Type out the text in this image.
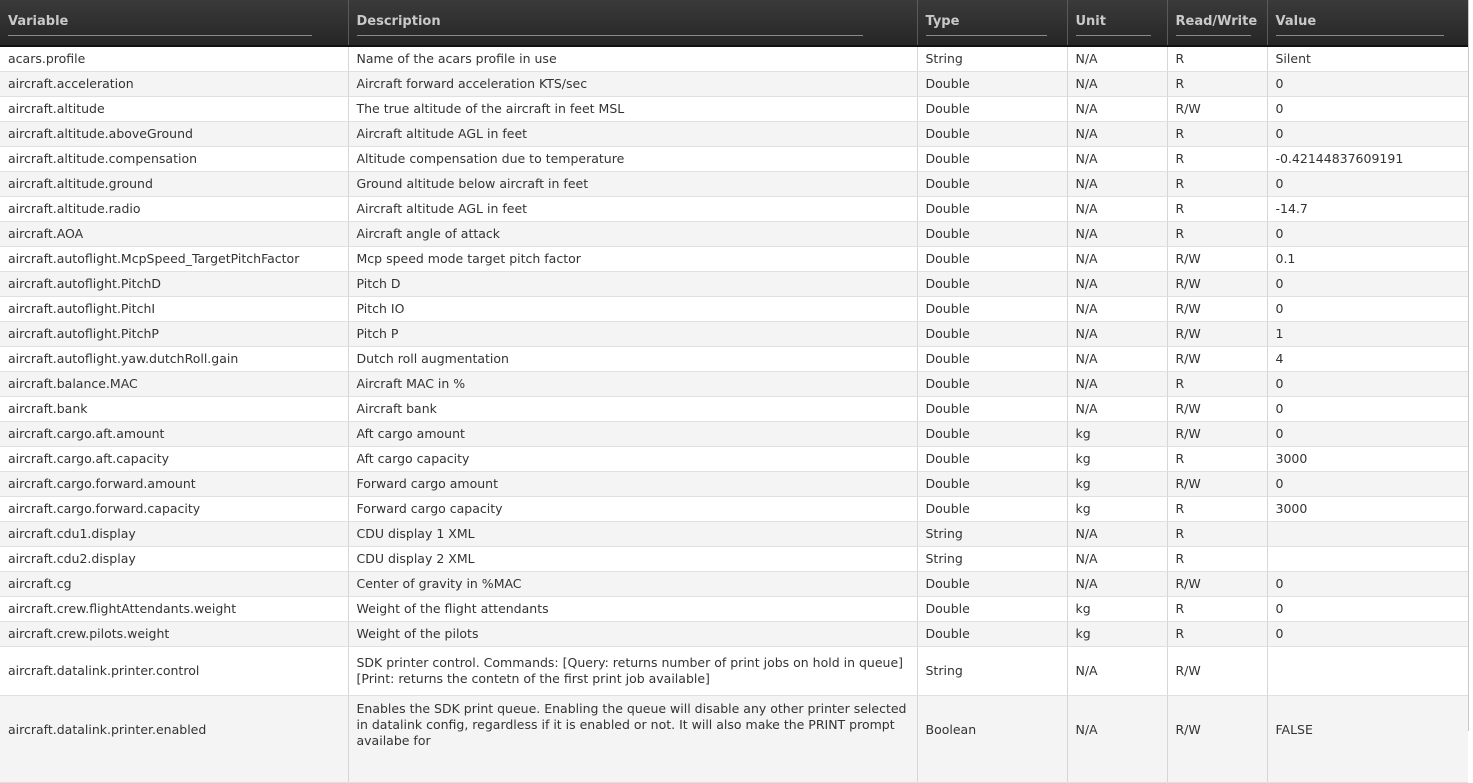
Variable	Description	Type	Unit	Read/Write	Value

acars.profile	Name of the acars profile in use	String	N/A	R	Silent
aircraft.acceleration	Aircraft forward acceleration KTS/sec	Double	N/A	R	0
aircraft.altitude	The true altitude of the aircraft in feet MSL	Double	N/A	R/W	0
aircraft.altitude.aboveGround	Aircraft altitude AGL in feet	Double	N/A	R	0
aircraft.altitude.compensation	Altitude compensation due to temperature	Double	N/A	R	-0.42144837609191
aircraft.altitude.ground	Ground altitude below aircraft in feet	Double	N/A	R	0
aircraft.altitude.radio	Aircraft altitude AGL in feet	Double	N/A	R	-14.7
aircraft.AOA	Aircraft angle of attack	Double	N/A	R	0
aircraft.autoflight.McpSpeed_TargetPitchFactor	Mcp speed mode target pitch factor	Double	N/A	R/W	0.1
aircraft.autoflight.PitchD	Pitch D	Double	N/A	R/W	0
aircraft.autoflight.PitchI	Pitch IO	Double	N/A	R/W	0
aircraft.autoflight.PitchP	Pitch P	Double	N/A	R/W	1
aircraft.autoflight.yaw.dutchRoll.gain	Dutch roll augmentation	Double	N/A	R/W	4
aircraft.balance.MAC	Aircraft MAC in %	Double	N/A	R	0
aircraft.bank	Aircraft bank	Double	N/A	R/W	0
aircraft.cargo.aft.amount	Aft cargo amount	Double	kg	R/W	0
aircraft.cargo.aft.capacity	Aft cargo capacity	Double	kg	R	3000
aircraft.cargo.forward.amount	Forward cargo amount	Double	kg	R/W	0
aircraft.cargo.forward.capacity	Forward cargo capacity	Double	kg	R	3000
aircraft.cdu1.display	CDU display 1 XML	String	N/A	R	
aircraft.cdu2.display	CDU display 2 XML	String	N/A	R	
aircraft.cg	Center of gravity in %MAC	Double	N/A	R/W	0
aircraft.crew.flightAttendants.weight	Weight of the flight attendants	Double	kg	R	0
aircraft.crew.pilots.weight	Weight of the pilots	Double	kg	R	0
aircraft.datalink.printer.control	SDK printer control. Commands: [Query: returns number of print jobs on hold in queue] [Print: returns the contetn of the first print job available]	String	N/A	R/W	
aircraft.datalink.printer.enabled	Enables the SDK print queue. Enabling the queue will disable any other printer selected in datalink config, regardless if it is enabled or not. It will also make the PRINT prompt availabe for	Boolean	N/A	R/W	FALSE
